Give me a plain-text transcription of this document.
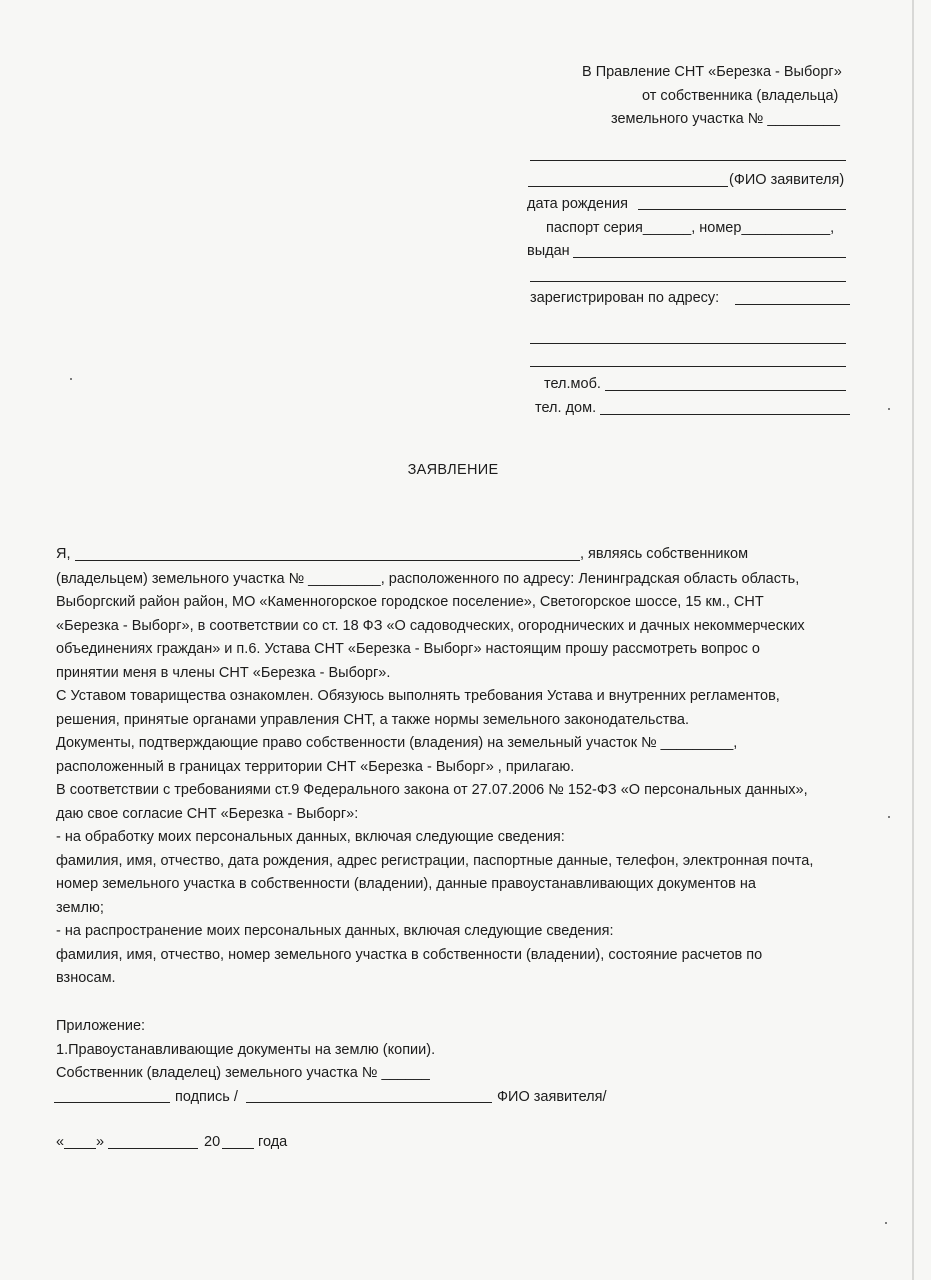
В Правление СНТ «Березка - Выборг»
от собственника (владельца)
земельного участка № _________
(ФИО заявителя)
дата рождения
паспорт серия______, номер___________,
выдан
зарегистрирован по адресу:
тел.моб.
тел. дом.
ЗАЯВЛЕНИЕ
Я,	, являясь собственником
(владельцем) земельного участка № _________, расположенного по адресу: Ленинградская область область,
Выборгский район район, МО «Каменногорское городское поселение», Светогорское шоссе, 15 км., СНТ
«Березка - Выборг», в соответствии со ст. 18 ФЗ «О садоводческих, огороднических и дачных некоммерческих
объединениях граждан» и п.6. Устава СНТ «Березка - Выборг» настоящим прошу рассмотреть вопрос о
принятии меня в члены СНТ «Березка - Выборг».
С Уставом товарищества ознакомлен. Обязуюсь выполнять требования Устава и внутренних регламентов,
решения, принятые органами управления СНТ, а также нормы земельного законодательства.
Документы, подтверждающие право собственности (владения) на земельный участок № _________,
расположенный в границах территории СНТ «Березка - Выборг» , прилагаю.
В соответствии с требованиями ст.9 Федерального закона от 27.07.2006 № 152-ФЗ «О персональных данных»,
даю свое согласие СНТ «Березка - Выборг»:
- на обработку моих персональных данных, включая следующие сведения:
фамилия, имя, отчество, дата рождения, адрес регистрации, паспортные данные, телефон, электронная почта,
номер земельного участка в собственности (владении), данные правоустанавливающих документов на
землю;
- на распространение моих персональных данных, включая следующие сведения:
фамилия, имя, отчество, номер земельного участка в собственности (владении), состояние расчетов по
взносам.
Приложение:
1.Правоустанавливающие документы на землю (копии).
Собственник (владелец) земельного участка № ______
подпись /	ФИО заявителя/
« »	20	года
